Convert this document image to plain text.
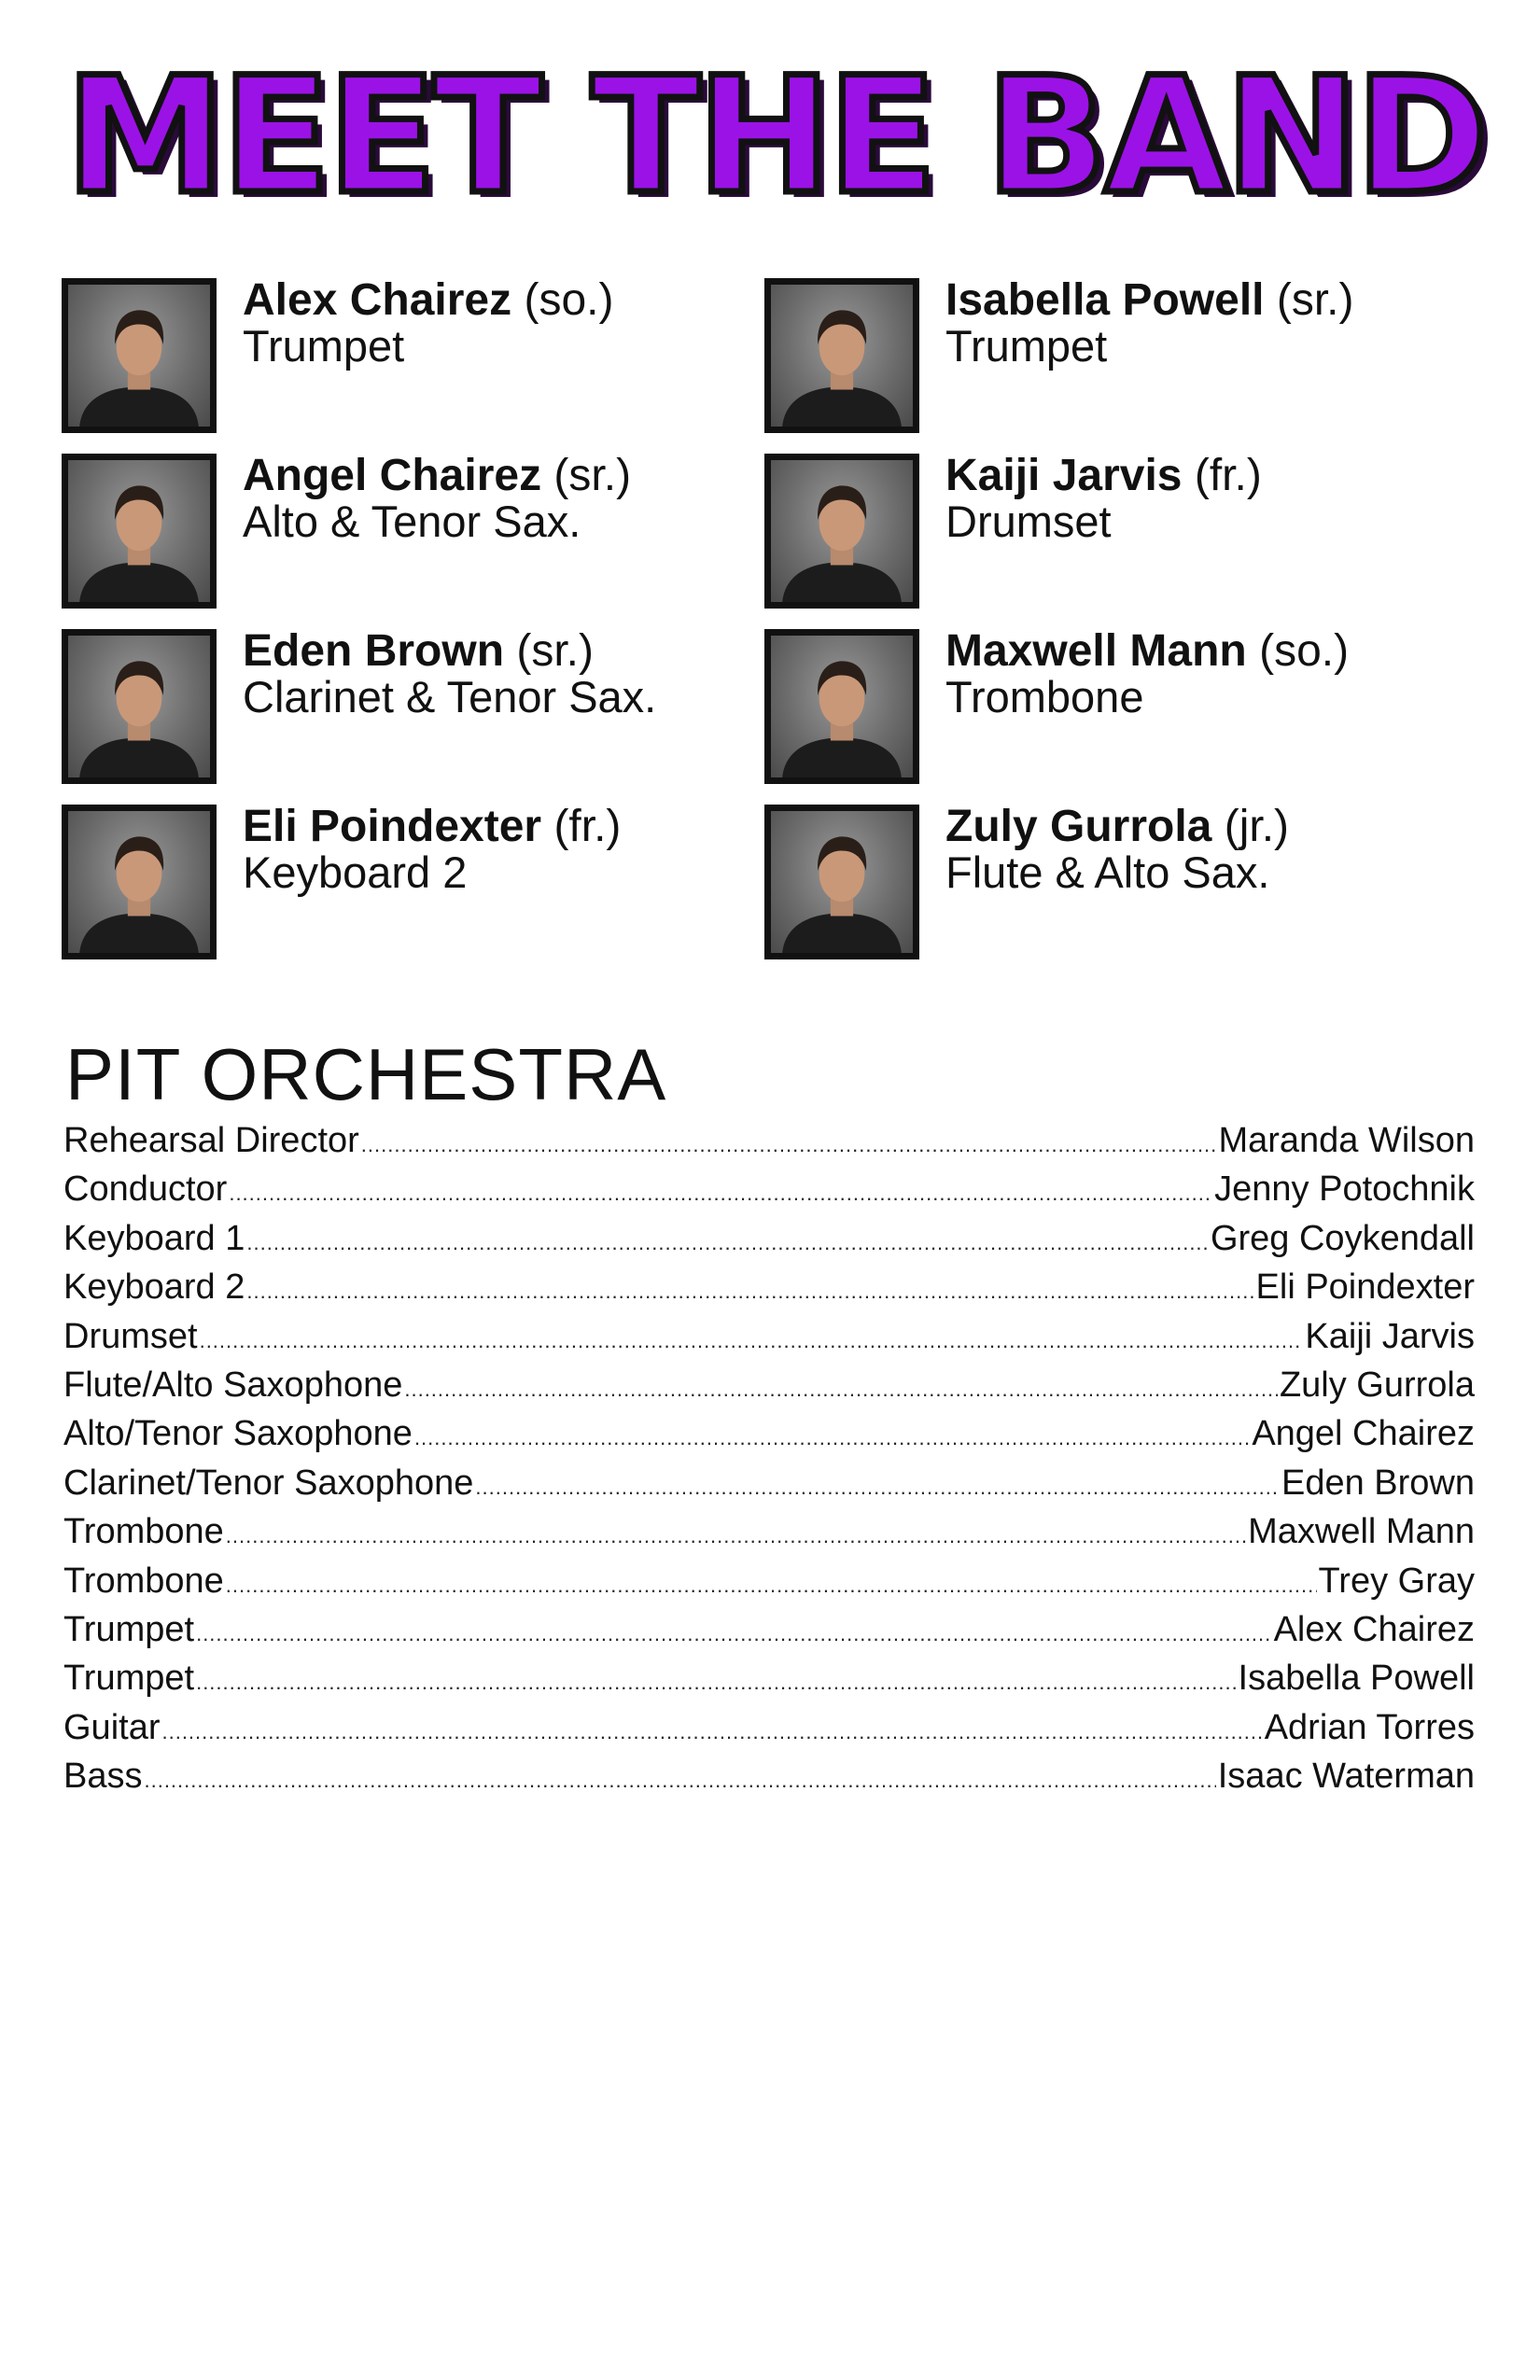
MEET THE BAND
Alex Chairez (so.)
Trumpet
Isabella Powell (sr.)
Trumpet
Angel Chairez (sr.)
Alto & Tenor Sax.
Kaiji Jarvis (fr.)
Drumset
Eden Brown (sr.)
Clarinet & Tenor Sax.
Maxwell Mann (so.)
Trombone
Eli Poindexter (fr.)
Keyboard 2
Zuly Gurrola (jr.)
Flute & Alto Sax.
PIT ORCHESTRA
Rehearsal Director .....	Maranda Wilson
Conductor .....	Jenny Potochnik
Keyboard 1 .....	Greg Coykendall
Keyboard 2 .....	Eli Poindexter
Drumset .....	Kaiji Jarvis
Flute/Alto Saxophone .....	Zuly Gurrola
Alto/Tenor Saxophone .....	Angel Chairez
Clarinet/Tenor Saxophone .....	Eden Brown
Trombone .....	Maxwell Mann
Trombone .....	Trey Gray
Trumpet .....	Alex Chairez
Trumpet .....	Isabella Powell
Guitar .....	Adrian Torres
Bass .....	Isaac Waterman
